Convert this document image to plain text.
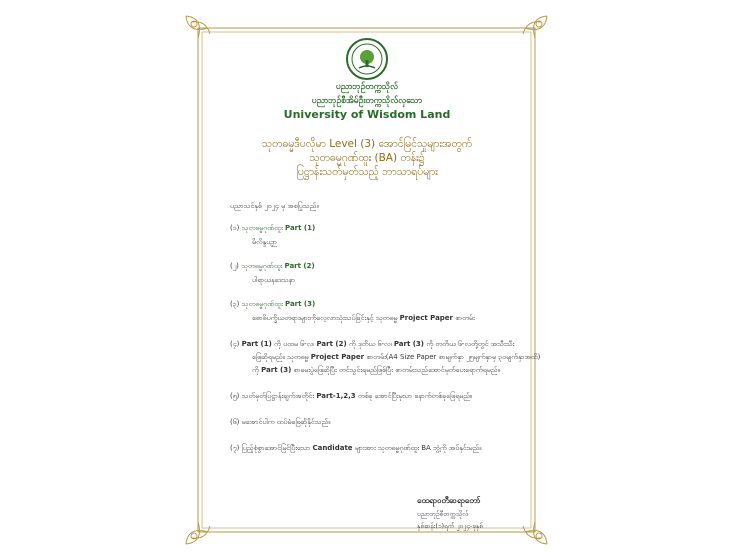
ပညာဘုဉ်တက္ကသိုလ်
ပညာဘုဉ်စီအိမ်ဦးတက္ကသိုလ်လှသော
University of Wisdom Land
သုတဓမ္မဒီပလိုမာ Level (3) အောင်မြင်သူများအတွက်
သုတဓမ္မဂုဏ်ထူး (BA) တန်း၌
ပြဋ္ဌာန်းသတ်မှတ်သည့် ဘာသာရပ်များ
ပညာသင်နှစ် ၂၀၂၄ မှ အစပြုသည်။
(၁) သုတဓမ္မဂုဏ်ထူး Part (1)
မိလိန္ဒပဉှာ
(၂) သုတဓမ္မဂုဏ်ထူး Part (2)
ပါရာယနဒေသနာ
(၃) သုတဓမ္မဂုဏ်ထူး Part (3)
ဓောဓိပက္ခိယတရားများကိုလေ့လာသုံးသပ်ခြင်းနှင့် သုတဓမ္မ Project Paper စာတမ်း
(၄) Part (1) ကို ပထမ ၆-လ၊ Part (2) ကို ဒုတိယ ၆-လ၊ Part (3) ကို တတိယ ၆-လတို့တွင် အသီးသီး
ဖြေဆိုရမည်။ သုတဓမ္မ Project Paper စာတမ်း(A4 Size Paper စာမျက်နှာ ၂၅မျက်နှာမှ ၃၀မျက်နှာအထိ)
ကို Part (3) စာမေးပွဲဖြေဆိုပြီး တင်သွင်းရမည်ဖြစ်ပြီး စာတမ်းသည်အောင်မှတ်ပေးရောက်ရမည်။
(၅) သတ်မှတ်ပြဋ္ဌာန်းချက်အတိုင်း Part-1,2,3 တစ်ခု အောင်ပြီးမှသာ နောက်တစ်ခုဖြေရမည်။
(၆) မအောင်ပါက ထပ်မံဖြေဆိုနိုင်သည်။
(၇) ပြည့်စုံစွာအောင်မြင်ပြီးသော Candidate များအား သုတဓမ္မဂုဏ်ထူး BA ဘွဲ့ကို အပ်နှင်းမည်။
ထေရာဝတီဆရာတော်
ပညာဘုဉ်စီတက္ကသိုလ်
နှစ်ဆန်း(၁)ရက် ၂၀၂၄-ခုနှစ်
